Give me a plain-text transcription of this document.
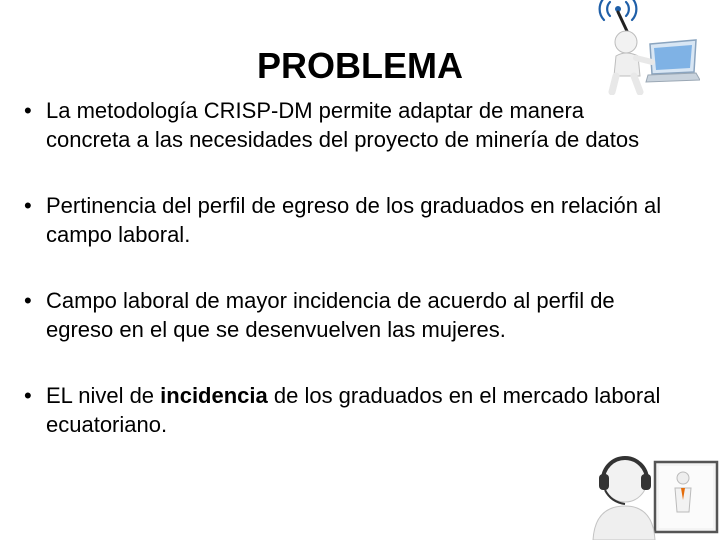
PROBLEMA
• La metodología CRISP-DM permite adaptar de manera concreta a las necesidades del proyecto de minería de datos
• Pertinencia del perfil de egreso de los graduados en relación al campo laboral.
• Campo laboral de mayor incidencia de acuerdo al perfil de egreso en el que se desenvuelven las mujeres.
• EL nivel de incidencia de los graduados en el mercado laboral ecuatoriano.
